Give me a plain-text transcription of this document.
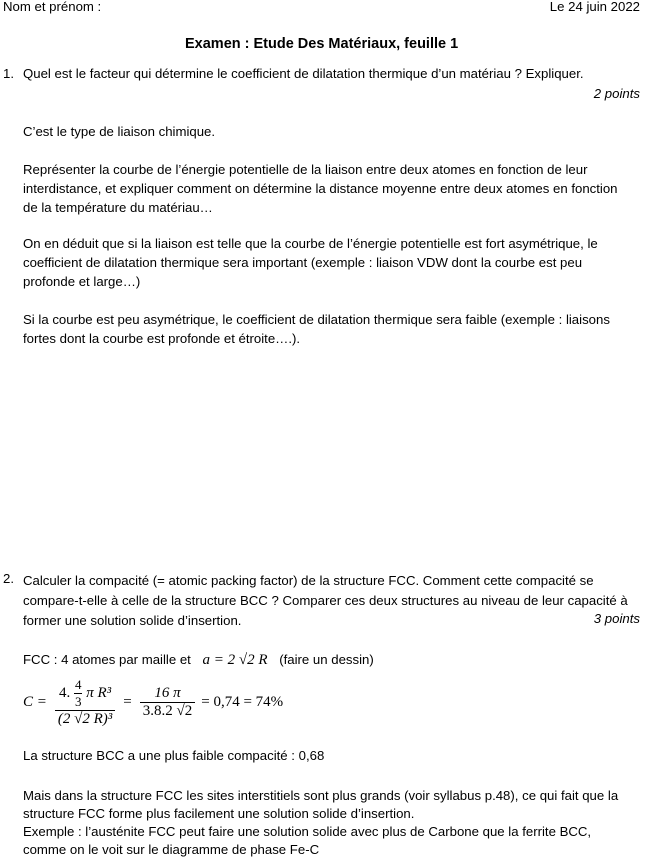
Nom et prénom :	Le 24 juin 2022
Examen : Etude Des Matériaux, feuille 1
1. Quel est le facteur qui détermine le coefficient de dilatation thermique d’un matériau ? Expliquer.
2 points
C’est le type de liaison chimique.
Représenter la courbe de l’énergie potentielle de la liaison entre deux atomes en fonction de leur
interdistance, et expliquer comment on détermine la distance moyenne entre deux atomes en fonction
de la température du matériau…
On en déduit que si la liaison est telle que la courbe de l’énergie potentielle est fort asymétrique, le
coefficient de dilatation thermique sera important (exemple : liaison VDW dont la courbe est peu
profonde et large…)
Si la courbe est peu asymétrique, le coefficient de dilatation thermique sera faible (exemple : liaisons
fortes dont la courbe est profonde et étroite….).
2. Calculer la compacité (= atomic packing factor) de la structure FCC. Comment cette compacité se
compare-t-elle à celle de la structure BCC ? Comparer ces deux structures au niveau de leur capacité à
former une solution solide d’insertion.	3 points
FCC : 4 atomes par maille et a = 2 √2 R (faire un dessin)
$C = \frac{4. \frac{4}{3} \pi R^3}{\text{(2 √2 R)³}} = \frac{16 \pi}{3.8.2 √2} = 0,74 = 74\%$
La structure BCC a une plus faible compacité : 0,68
Mais dans la structure FCC les sites interstitiels sont plus grands (voir syllabus p.48), ce qui fait que la
structure FCC forme plus facilement une solution solide d’insertion.
Exemple : l’austénite FCC peut faire une solution solide avec plus de Carbone que la ferrite BCC,
comme on le voit sur le diagramme de phase Fe-C
